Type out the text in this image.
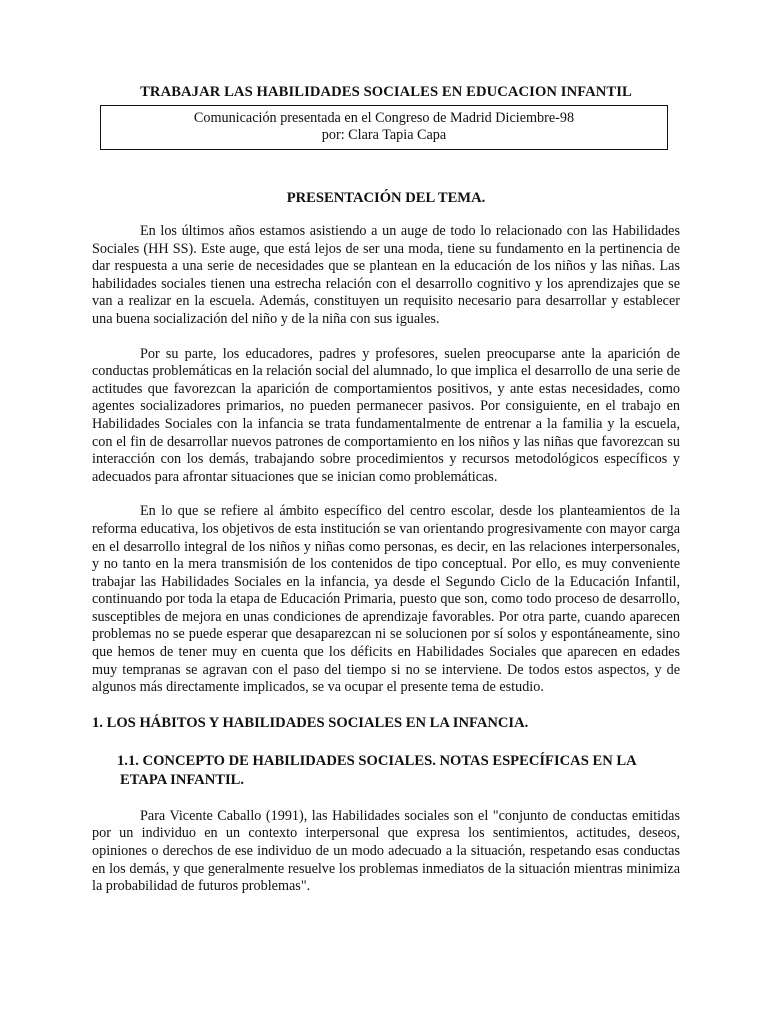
TRABAJAR LAS HABILIDADES SOCIALES EN EDUCACION INFANTIL
Comunicación presentada en el Congreso de Madrid Diciembre-98
por: Clara Tapia Capa
PRESENTACIÓN DEL TEMA.

En los últimos años estamos asistiendo a un auge de todo lo relacionado con las Habilidades Sociales (HH SS). Este auge, que está lejos de ser una moda, tiene su fundamento en la pertinencia de dar respuesta a una serie de necesidades que se plantean en la educación de los niños y las niñas. Las habilidades sociales tienen una estrecha relación con el desarrollo cognitivo y los aprendizajes que se van a realizar en la escuela. Además, constituyen un requisito necesario para desarrollar y establecer una buena socialización del niño y de la niña con sus iguales.

Por su parte, los educadores, padres y profesores, suelen preocuparse ante la aparición de conductas problemáticas en la relación social del alumnado, lo que implica el desarrollo de una serie de actitudes que favorezcan la aparición de comportamientos positivos, y ante estas necesidades, como agentes socializadores primarios, no pueden permanecer pasivos. Por consiguiente, en el trabajo en Habilidades Sociales con la infancia se trata fundamentalmente de entrenar a la familia y la escuela, con el fin de desarrollar nuevos patrones de comportamiento en los niños y las niñas que favorezcan su interacción con los demás, trabajando sobre procedimientos y recursos metodológicos específicos y adecuados para afrontar situaciones que se inician como problemáticas.

En lo que se refiere al ámbito específico del centro escolar, desde los planteamientos de la reforma educativa, los objetivos de esta institución se van orientando progresivamente con mayor carga en el desarrollo integral de los niños y niñas como personas, es decir, en las relaciones interpersonales, y no tanto en la mera transmisión de los contenidos de tipo conceptual. Por ello, es muy conveniente trabajar las Habilidades Sociales en la infancia, ya desde el Segundo Ciclo de la Educación Infantil, continuando por toda la etapa de Educación Primaria, puesto que son, como todo proceso de desarrollo, susceptibles de mejora en unas condiciones de aprendizaje favorables. Por otra parte, cuando aparecen problemas no se puede esperar que desaparezcan ni se solucionen por sí solos y espontáneamente, sino que hemos de tener muy en cuenta que los déficits en Habilidades Sociales que aparecen en edades muy tempranas se agravan con el paso del tiempo si no se interviene. De todos estos aspectos, y de algunos más directamente implicados, se va ocupar el presente tema de estudio.

1. LOS HÁBITOS Y HABILIDADES SOCIALES EN LA INFANCIA.
1.1. CONCEPTO DE HABILIDADES SOCIALES. NOTAS ESPECÍFICAS EN LA
ETAPA INFANTIL.

Para Vicente Caballo (1991), las Habilidades sociales son el "conjunto de conductas emitidas por un individuo en un contexto interpersonal que expresa los sentimientos, actitudes, deseos, opiniones o derechos de ese individuo de un modo adecuado a la situación, respetando esas conductas en los demás, y que generalmente resuelve los problemas inmediatos de la situación mientras minimiza la probabilidad de futuros problemas".
